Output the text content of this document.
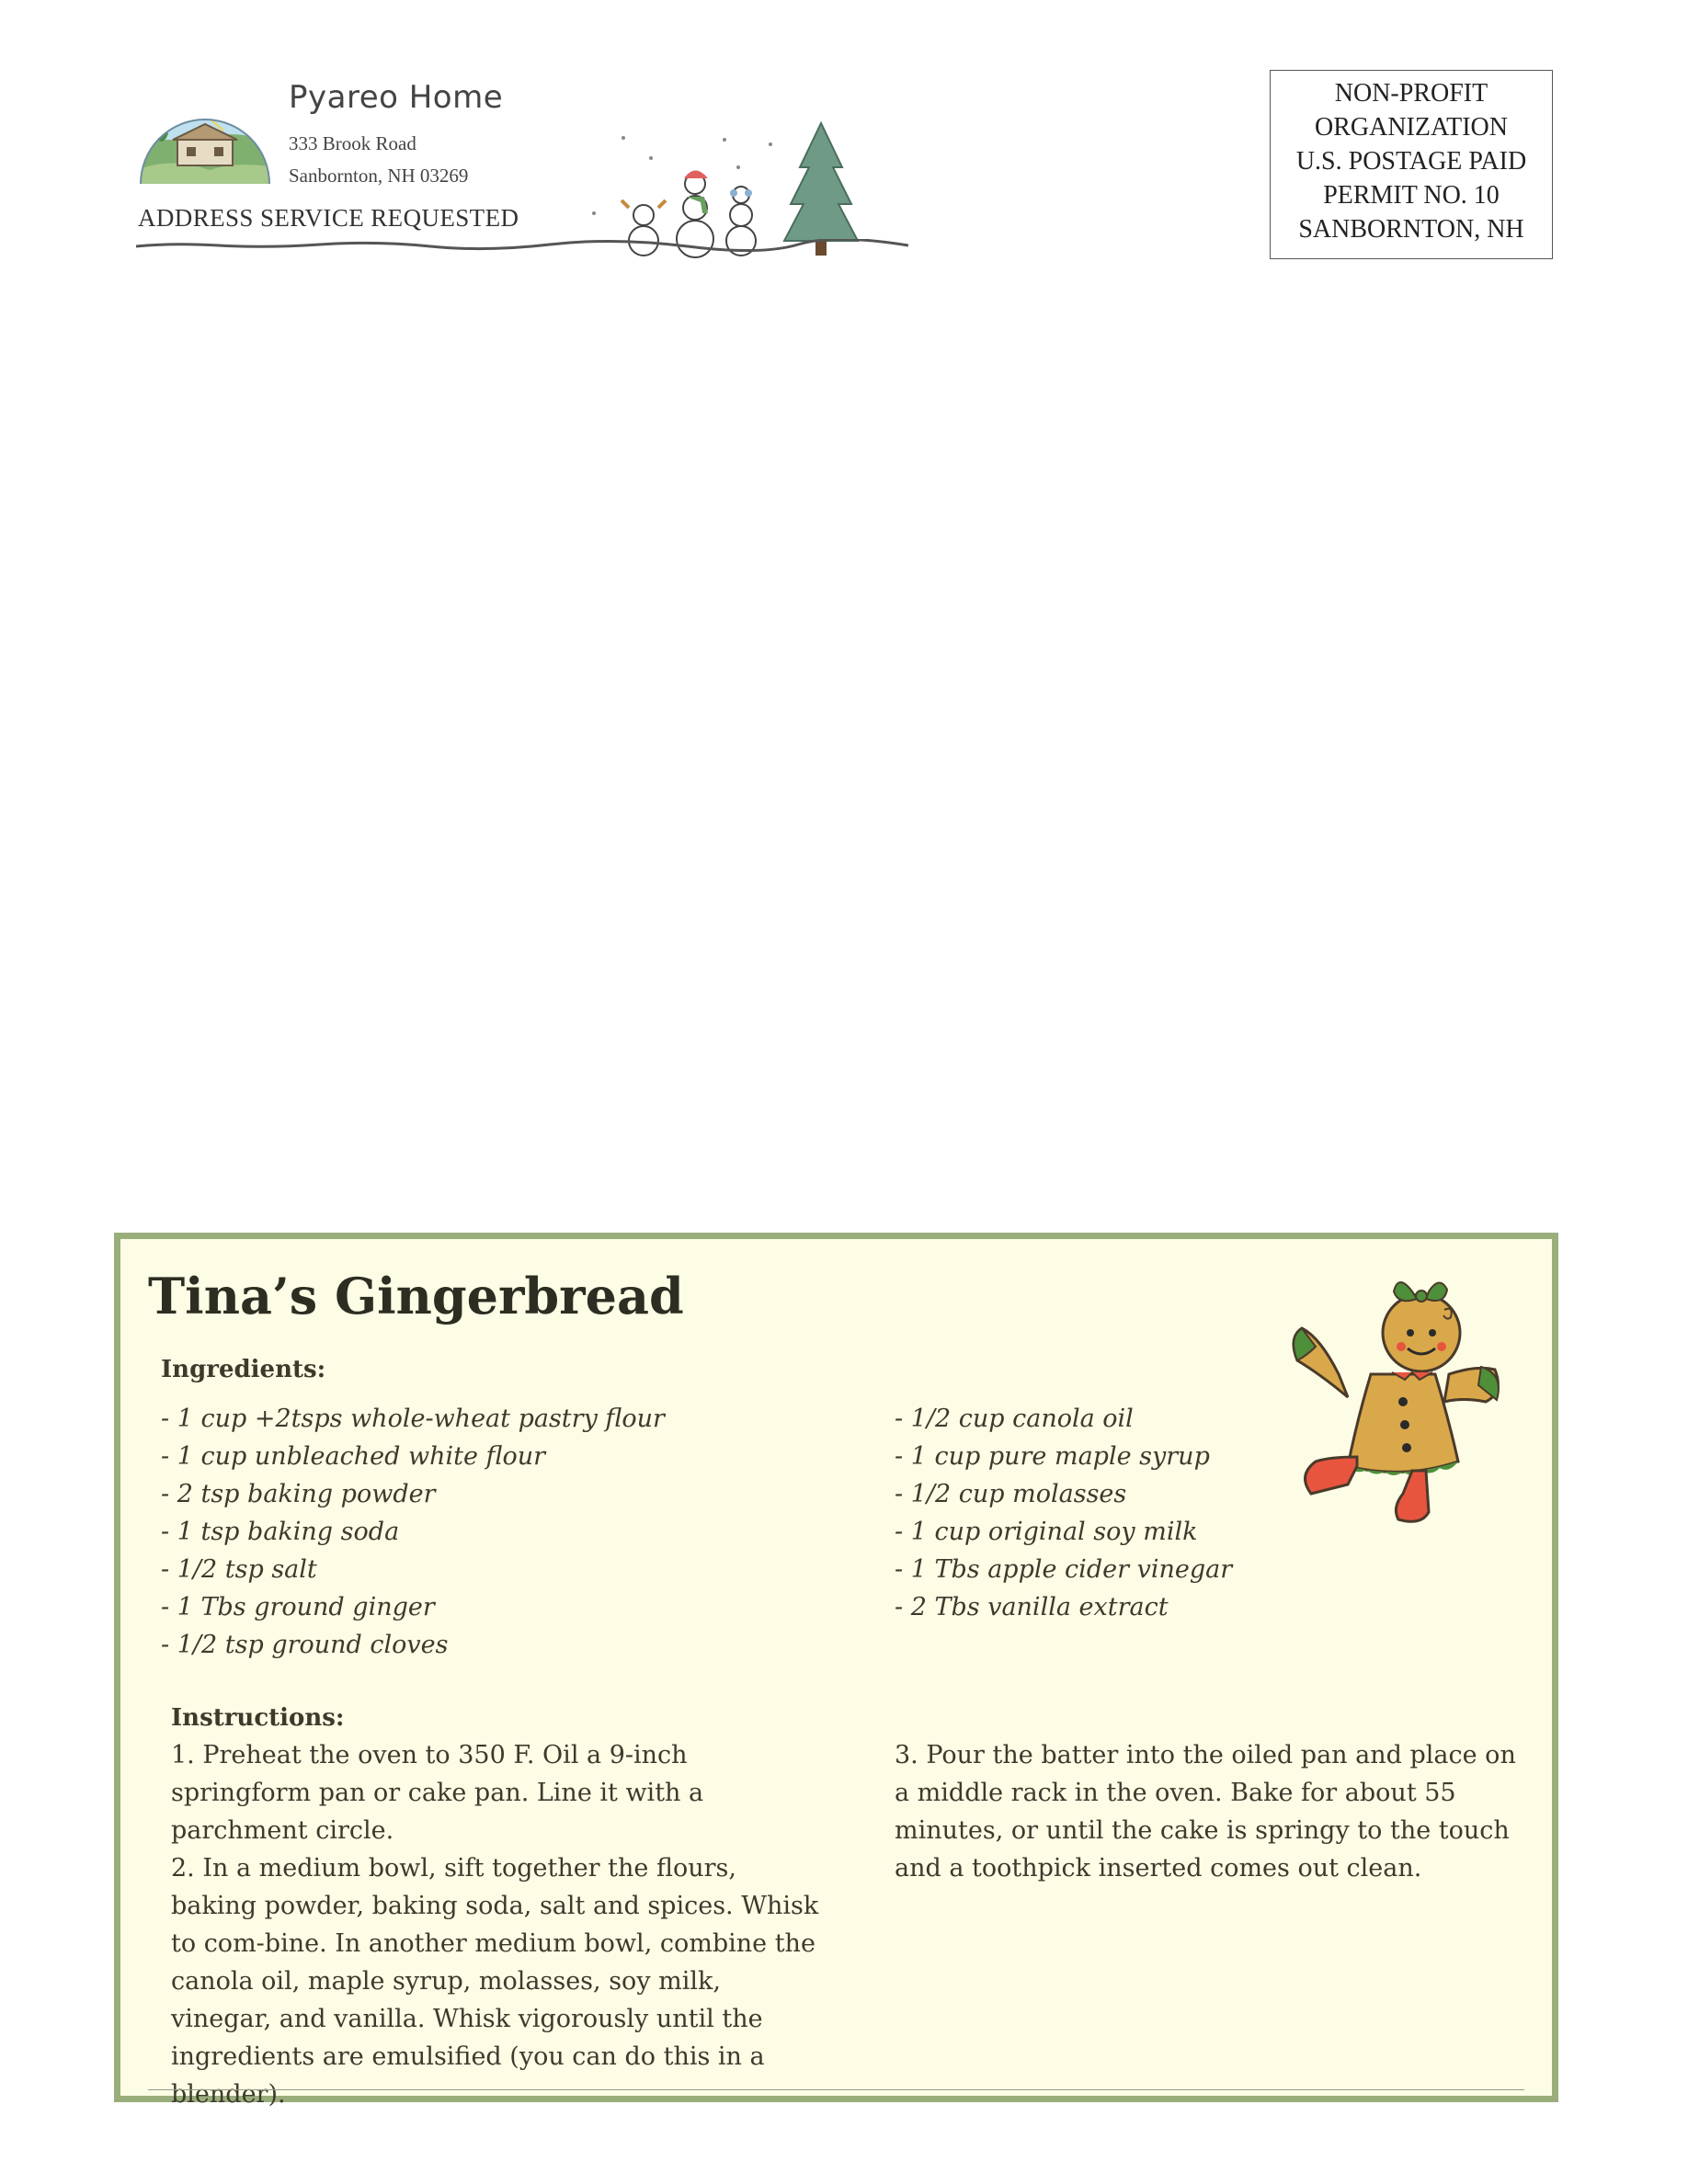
Pyareo Home
333 Brook Road
Sanbornton, NH 03269
ADDRESS SERVICE REQUESTED
NON-PROFIT
ORGANIZATION
U.S. POSTAGE PAID
PERMIT NO. 10
SANBORNTON, NH
Tina’s Gingerbread
Ingredients:
- 1 cup +2tsps whole-wheat pastry flour
- 1 cup unbleached white flour
- 2 tsp baking powder
- 1 tsp baking soda
- 1/2 tsp salt
- 1 Tbs ground ginger
- 1/2 tsp ground cloves
- 1/2 cup canola oil
- 1 cup pure maple syrup
- 1/2 cup molasses
- 1 cup original soy milk
- 1 Tbs apple cider vinegar
- 2 Tbs vanilla extract
Instructions:

1. Preheat the oven to 350 F. Oil a 9-inch springform pan or cake pan. Line it with a parchment circle.

2. In a medium bowl, sift together the flours, baking powder, baking soda, salt and spices. Whisk to com-bine. In another medium bowl, combine the canola oil, maple syrup, molasses, soy milk, vinegar, and vanilla. Whisk vigorously until the ingredients are emulsified (you can do this in a blender).

3. Pour the batter into the oiled pan and place on a middle rack in the oven. Bake for about 55 minutes, or until the cake is springy to the touch and a toothpick inserted comes out clean.
